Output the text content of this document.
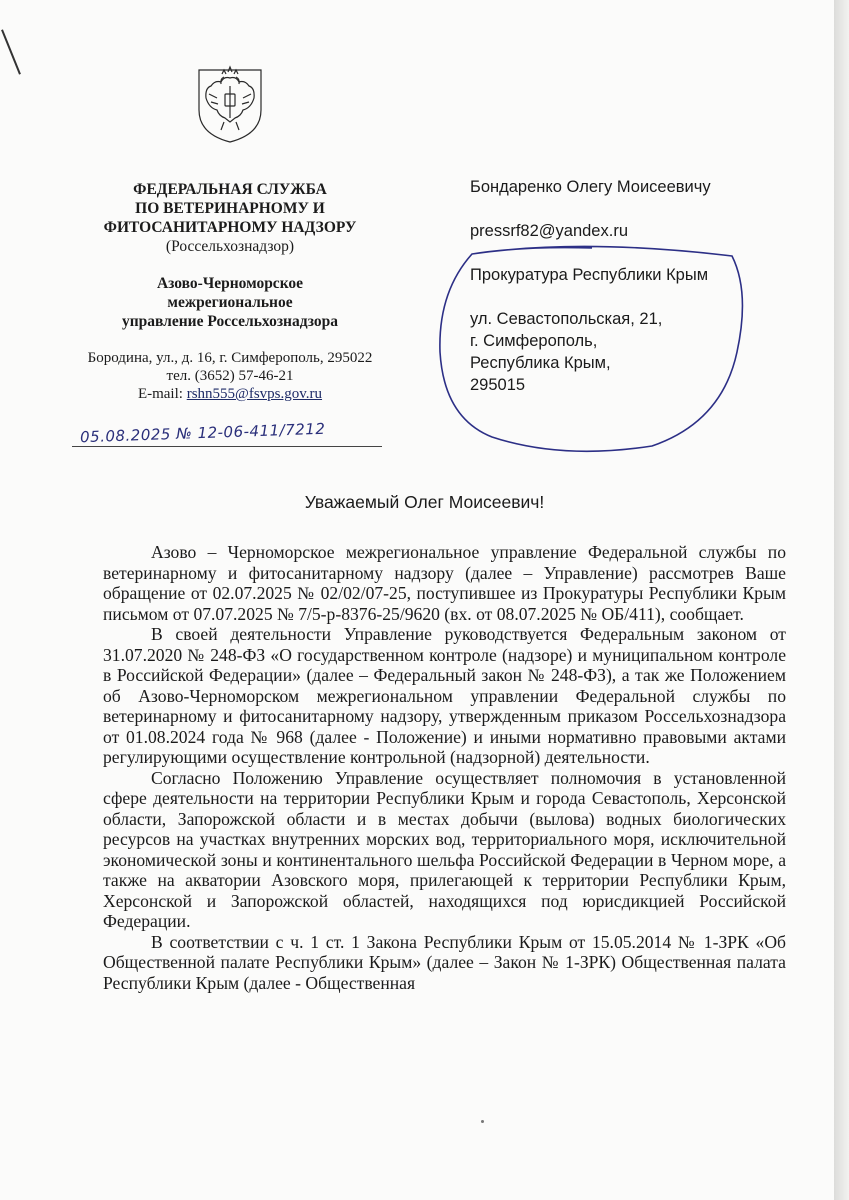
ФЕДЕРАЛЬНАЯ СЛУЖБА
ПО ВЕТЕРИНАРНОМУ И
ФИТОСАНИТАРНОМУ НАДЗОРУ
(Россельхознадзор)
Азово-Черноморское
межрегиональное
управление Россельхознадзора
Бородина, ул., д. 16, г. Симферополь, 295022
тел. (3652) 57-46-21
E-mail: rshn555@fsvps.gov.ru
05.08.2025 № 12-06-411/7212
Бондаренко Олегу Моисеевичу
pressrf82@yandex.ru
Прокуратура Республики Крым
ул. Севастопольская, 21,
г. Симферополь,
Республика Крым,
295015
Уважаемый Олег Моисеевич!

Азово – Черноморское межрегиональное управление Федеральной службы по ветеринарному и фитосанитарному надзору (далее – Управление) рассмотрев Ваше обращение от 02.07.2025 № 02/02/07-25, поступившее из Прокуратуры Республики Крым письмом от 07.07.2025 № 7/5-р-8376-25/9620 (вх. от 08.07.2025 № ОБ/411), сообщает.

В своей деятельности Управление руководствуется Федеральным законом от 31.07.2020 № 248-ФЗ «О государственном контроле (надзоре) и муниципальном контроле в Российской Федерации» (далее – Федеральный закон № 248-ФЗ), а так же Положением об Азово-Черноморском межрегиональном управлении Федеральной службы по ветеринарному и фитосанитарному надзору, утвержденным приказом Россельхознадзора от 01.08.2024 года № 968 (далее - Положение) и иными нормативно правовыми актами регулирующими осуществление контрольной (надзорной) деятельности.

Согласно Положению Управление осуществляет полномочия в установленной сфере деятельности на территории Республики Крым и города Севастополь, Херсонской области, Запорожской области и в местах добычи (вылова) водных биологических ресурсов на участках внутренних морских вод, территориального моря, исключительной экономической зоны и континентального шельфа Российской Федерации в Черном море, а также на акватории Азовского моря, прилегающей к территории Республики Крым, Херсонской и Запорожской областей, находящихся под юрисдикцией Российской Федерации.

В соответствии с ч. 1 ст. 1 Закона Республики Крым от 15.05.2014 № 1-ЗРК «Об Общественной палате Республики Крым» (далее – Закон № 1-ЗРК) Общественная палата Республики Крым (далее - Общественная
